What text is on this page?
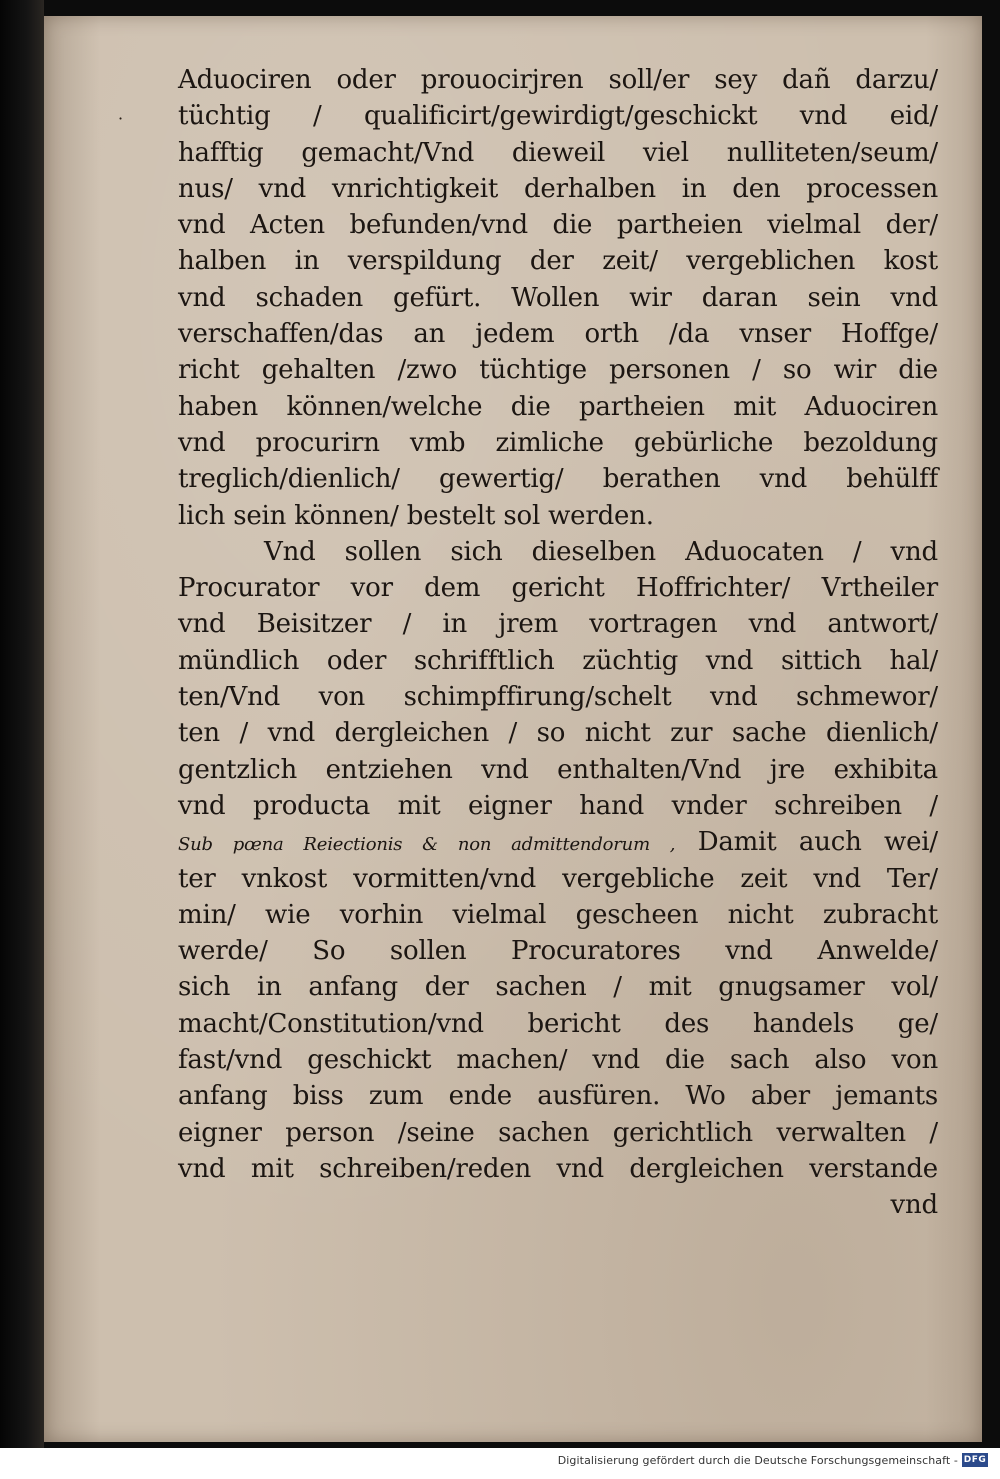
·
Aduociren oder prouocirjren soll/er sey dañ darzu/
tüchtig / qualificirt/gewirdigt/geschickt vnd eid/
hafftig gemacht/Vnd dieweil viel nulliteten/seum/
nus/ vnd vnrichtigkeit derhalben in den processen
vnd Acten befunden/vnd die partheien vielmal der/
halben in verspildung der zeit/ vergeblichen kost
vnd schaden gefürt. Wollen wir daran sein vnd
verschaffen/das an jedem orth /da vnser Hoffge/
richt gehalten /zwo tüchtige personen / so wir die
haben können/welche die partheien mit Aduociren
vnd procurirn vmb zimliche gebürliche bezoldung
treglich/dienlich/ gewertig/ berathen vnd behülff
lich sein können/ bestelt sol werden.
Vnd sollen sich dieselben Aduocaten / vnd
Procurator vor dem gericht Hoffrichter/ Vrtheiler
vnd Beisitzer / in jrem vortragen vnd antwort/
mündlich oder schrifftlich züchtig vnd sittich hal/
ten/Vnd von schimpffirung/schelt vnd schmewor/
ten / vnd dergleichen / so nicht zur sache dienlich/
gentzlich entziehen vnd enthalten/Vnd jre exhibita
vnd producta mit eigner hand vnder schreiben /
Sub pœna Reiectionis & non admittendorum , Damit auch wei/
ter vnkost vormitten/vnd vergebliche zeit vnd Ter/
min/ wie vorhin vielmal gescheen nicht zubracht
werde/ So sollen Procuratores vnd Anwelde/
sich in anfang der sachen / mit gnugsamer vol/
macht/Constitution/vnd bericht des handels ge/
fast/vnd geschickt machen/ vnd die sach also von
anfang biss zum ende ausfüren. Wo aber jemants
eigner person /seine sachen gerichtlich verwalten /
vnd mit schreiben/reden vnd dergleichen verstande
vnd
Digitalisierung gefördert durch die Deutsche Forschungsgemeinschaft - DFG
